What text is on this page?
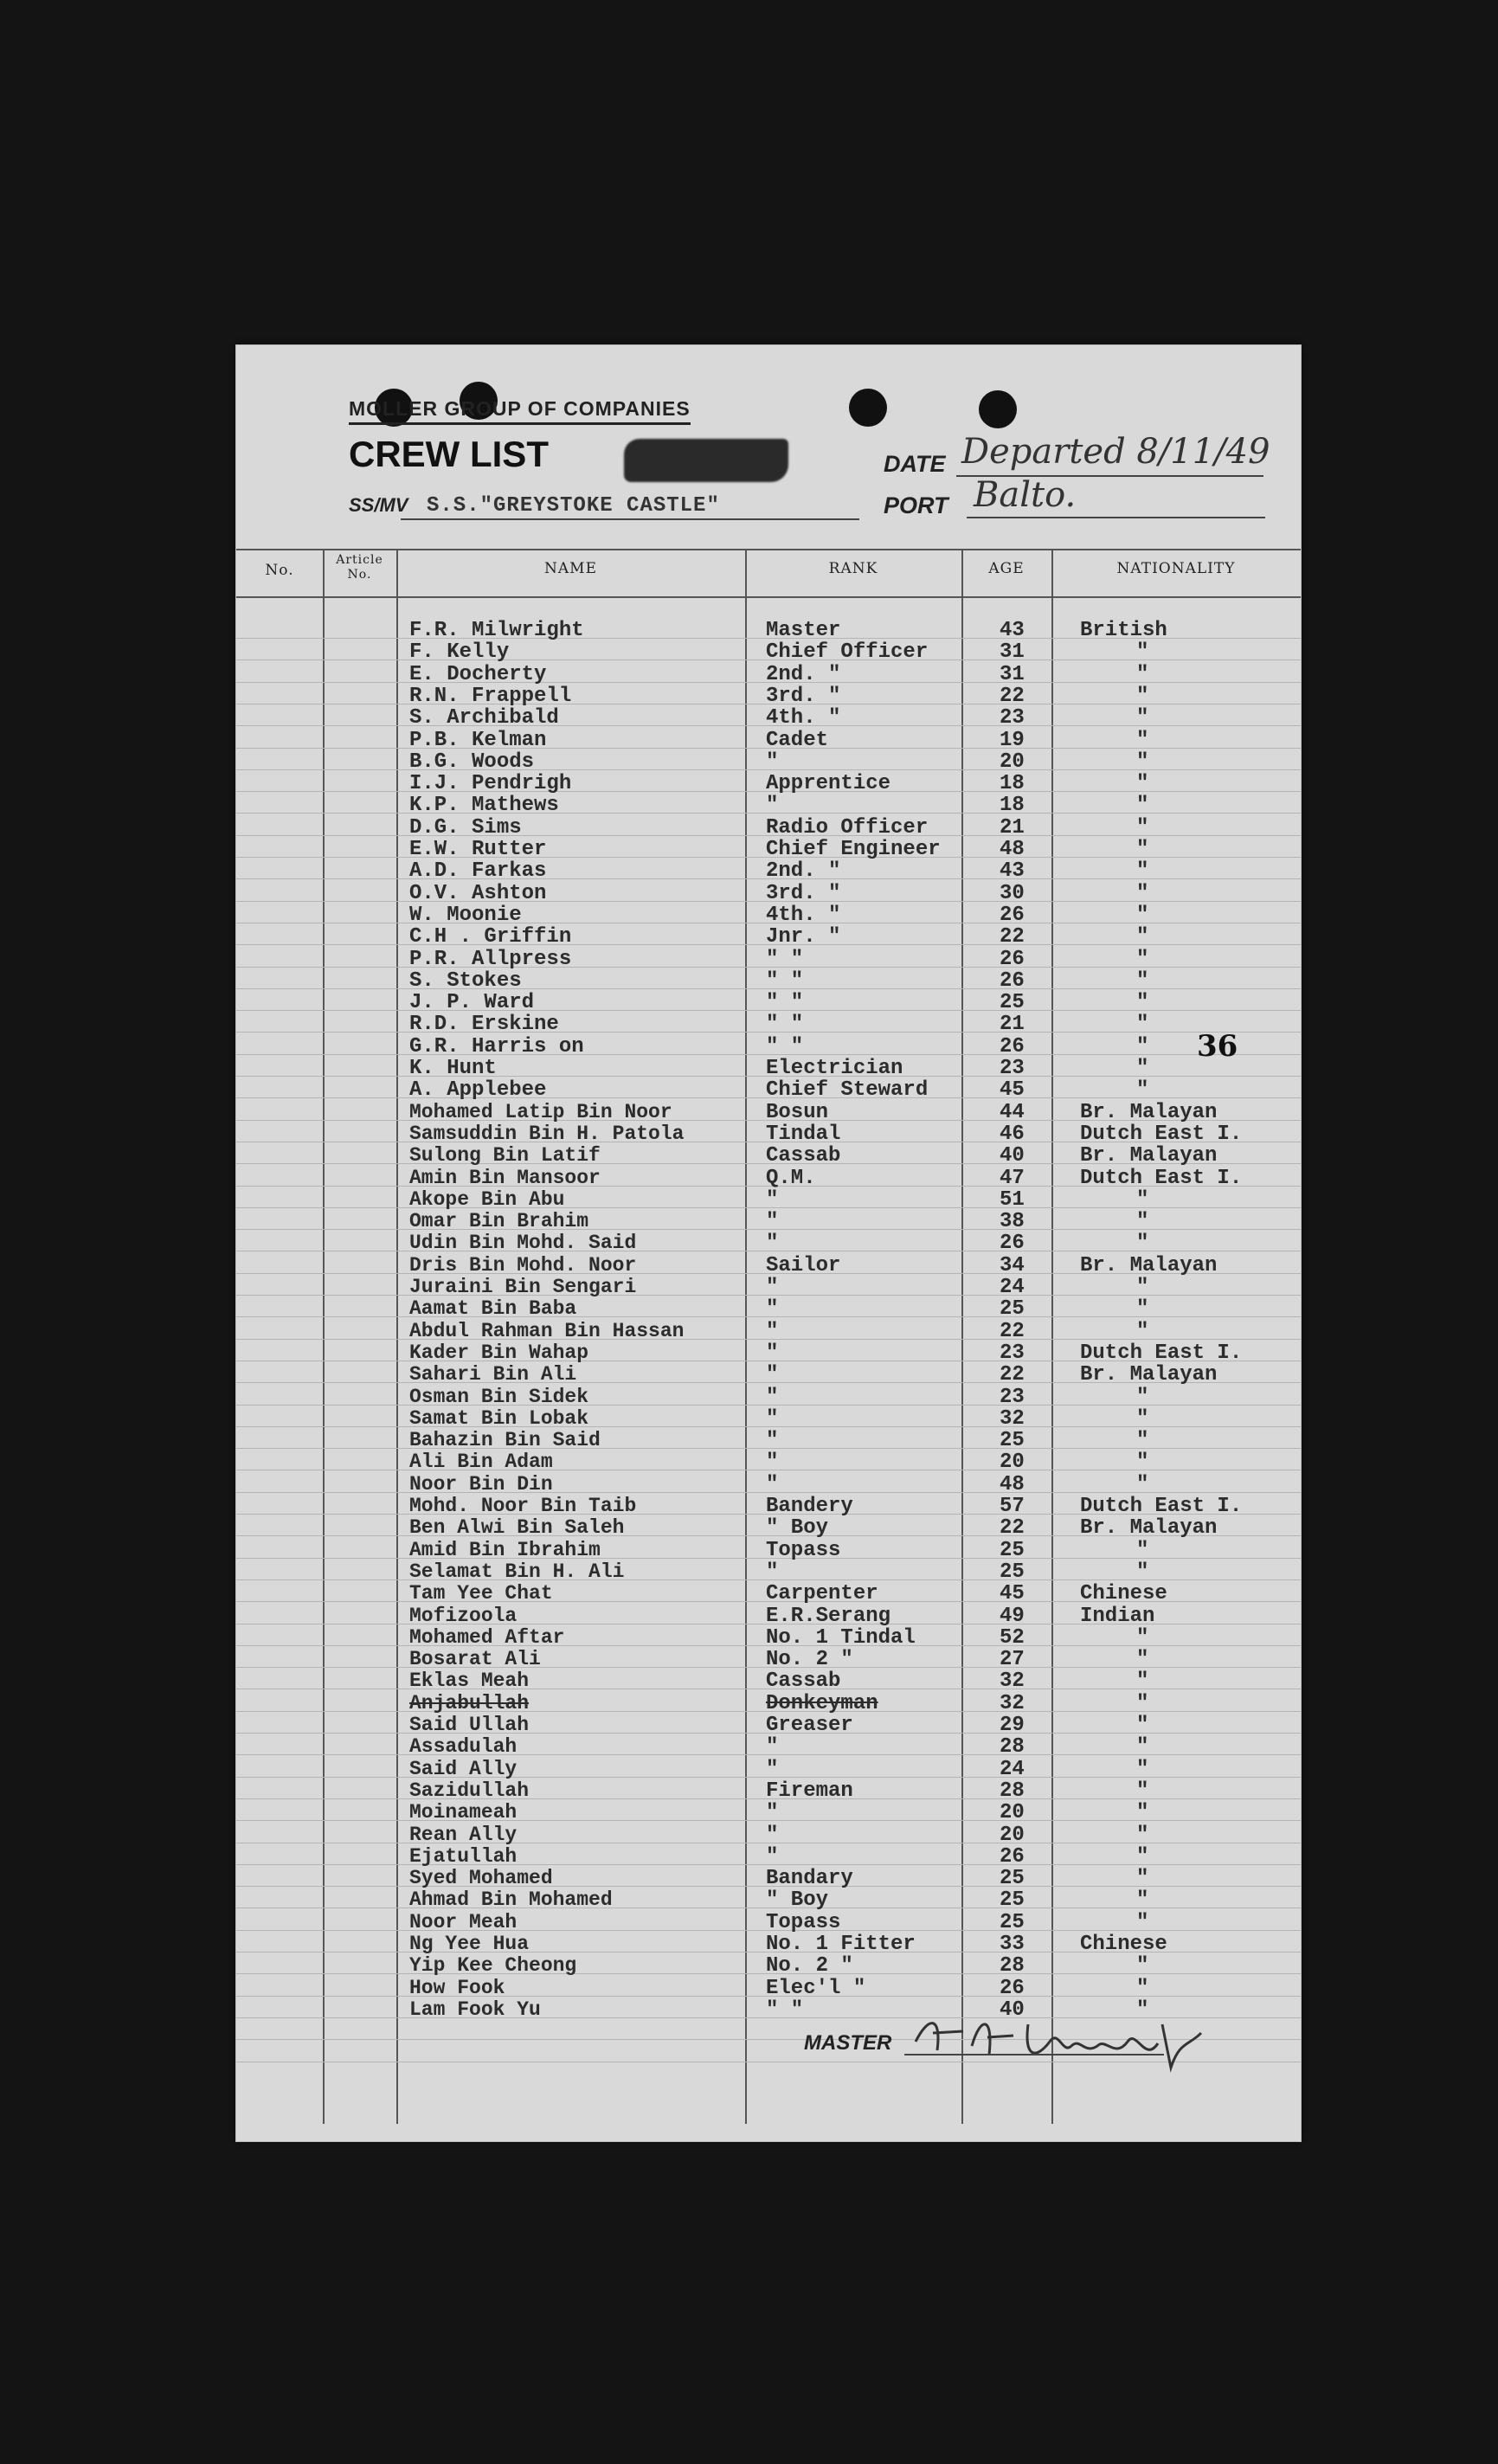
MOLLER GROUP OF COMPANIES
CREW LIST	DATE Departed 8/11/49
SS/MV S.S."GREYSTOKE CASTLE"	PORT Balto.
No.
Article No.	NAME	RANK	AGE	NATIONALITY
F.R. Milwright	Master	43	British
F. Kelly	Chief Officer	31	"
E. Docherty	2nd. "	31	"
R.N. Frappell	3rd. "	22	"
S. Archibald	4th. "	23	"
P.B. Kelman	Cadet	19	"
B.G. Woods	"	20	"
I.J. Pendrigh	Apprentice	18	"
K.P. Mathews	"	18	"
D.G. Sims	Radio Officer	21	"
E.W. Rutter	Chief Engineer	48	"
A.D. Farkas	2nd. "	43	"
O.V. Ashton	3rd. "	30	"
W. Moonie	4th. "	26	"
C.H . Griffin	Jnr. "	22	"
P.R. Allpress	" "	26	"
S. Stokes	" "	26	"
J. P. Ward	" "	25	"
R.D. Erskine	" "	21	"
G.R. Harris on	" "	26	"
K. Hunt	Electrician	23	"
A. Applebee	Chief Steward	45	"
Mohamed Latip Bin Noor	Bosun	44	Br. Malayan
Samsuddin Bin H. Patola	Tindal	46	Dutch East I.
Sulong Bin Latif	Cassab	40	Br. Malayan
Amin Bin Mansoor	Q.M.	47	Dutch East I.
Akope Bin Abu	"	51	"
Omar Bin Brahim	"	38	"
Udin Bin Mohd. Said	"	26	"
Dris Bin Mohd. Noor	Sailor	34	Br. Malayan
Juraini Bin Sengari	"	24	"
Aamat Bin Baba	"	25	"
Abdul Rahman Bin Hassan	"	22	"
Kader Bin Wahap	"	23	Dutch East I.
Sahari Bin Ali	"	22	Br. Malayan
Osman Bin Sidek	"	23	"
Samat Bin Lobak	"	32	"
Bahazin Bin Said	"	25	"
Ali Bin Adam	"	20	"
Noor Bin Din	"	48	"
Mohd. Noor Bin Taib	Bandery	57	Dutch East I.
Ben Alwi Bin Saleh	" Boy	22	Br. Malayan
Amid Bin Ibrahim	Topass	25	"
Selamat Bin H. Ali	"	25	"
Tam Yee Chat	Carpenter	45	Chinese
Mofizoola	E.R.Serang	49	Indian
Mohamed Aftar	No. 1 Tindal	52	"
Bosarat Ali	No. 2 "	27	"
Eklas Meah	Cassab	32	"
Anjabullah	Donkeyman	32	"
Said Ullah	Greaser	29	"
Assadulah	"	28	"
Said Ally	"	24	"
Sazidullah	Fireman	28	"
Moinameah	"	20	"
Rean Ally	"	20	"
Ejatullah	"	26	"
Syed Mohamed	Bandary	25	"
Ahmad Bin Mohamed	" Boy	25	"
Noor Meah	Topass	25	"
Ng Yee Hua	No. 1 Fitter	33	Chinese
Yip Kee Cheong	No. 2 "	28	"
How Fook	Elec'l "	26	"
Lam Fook Yu	" "	40	"
36
MASTER
